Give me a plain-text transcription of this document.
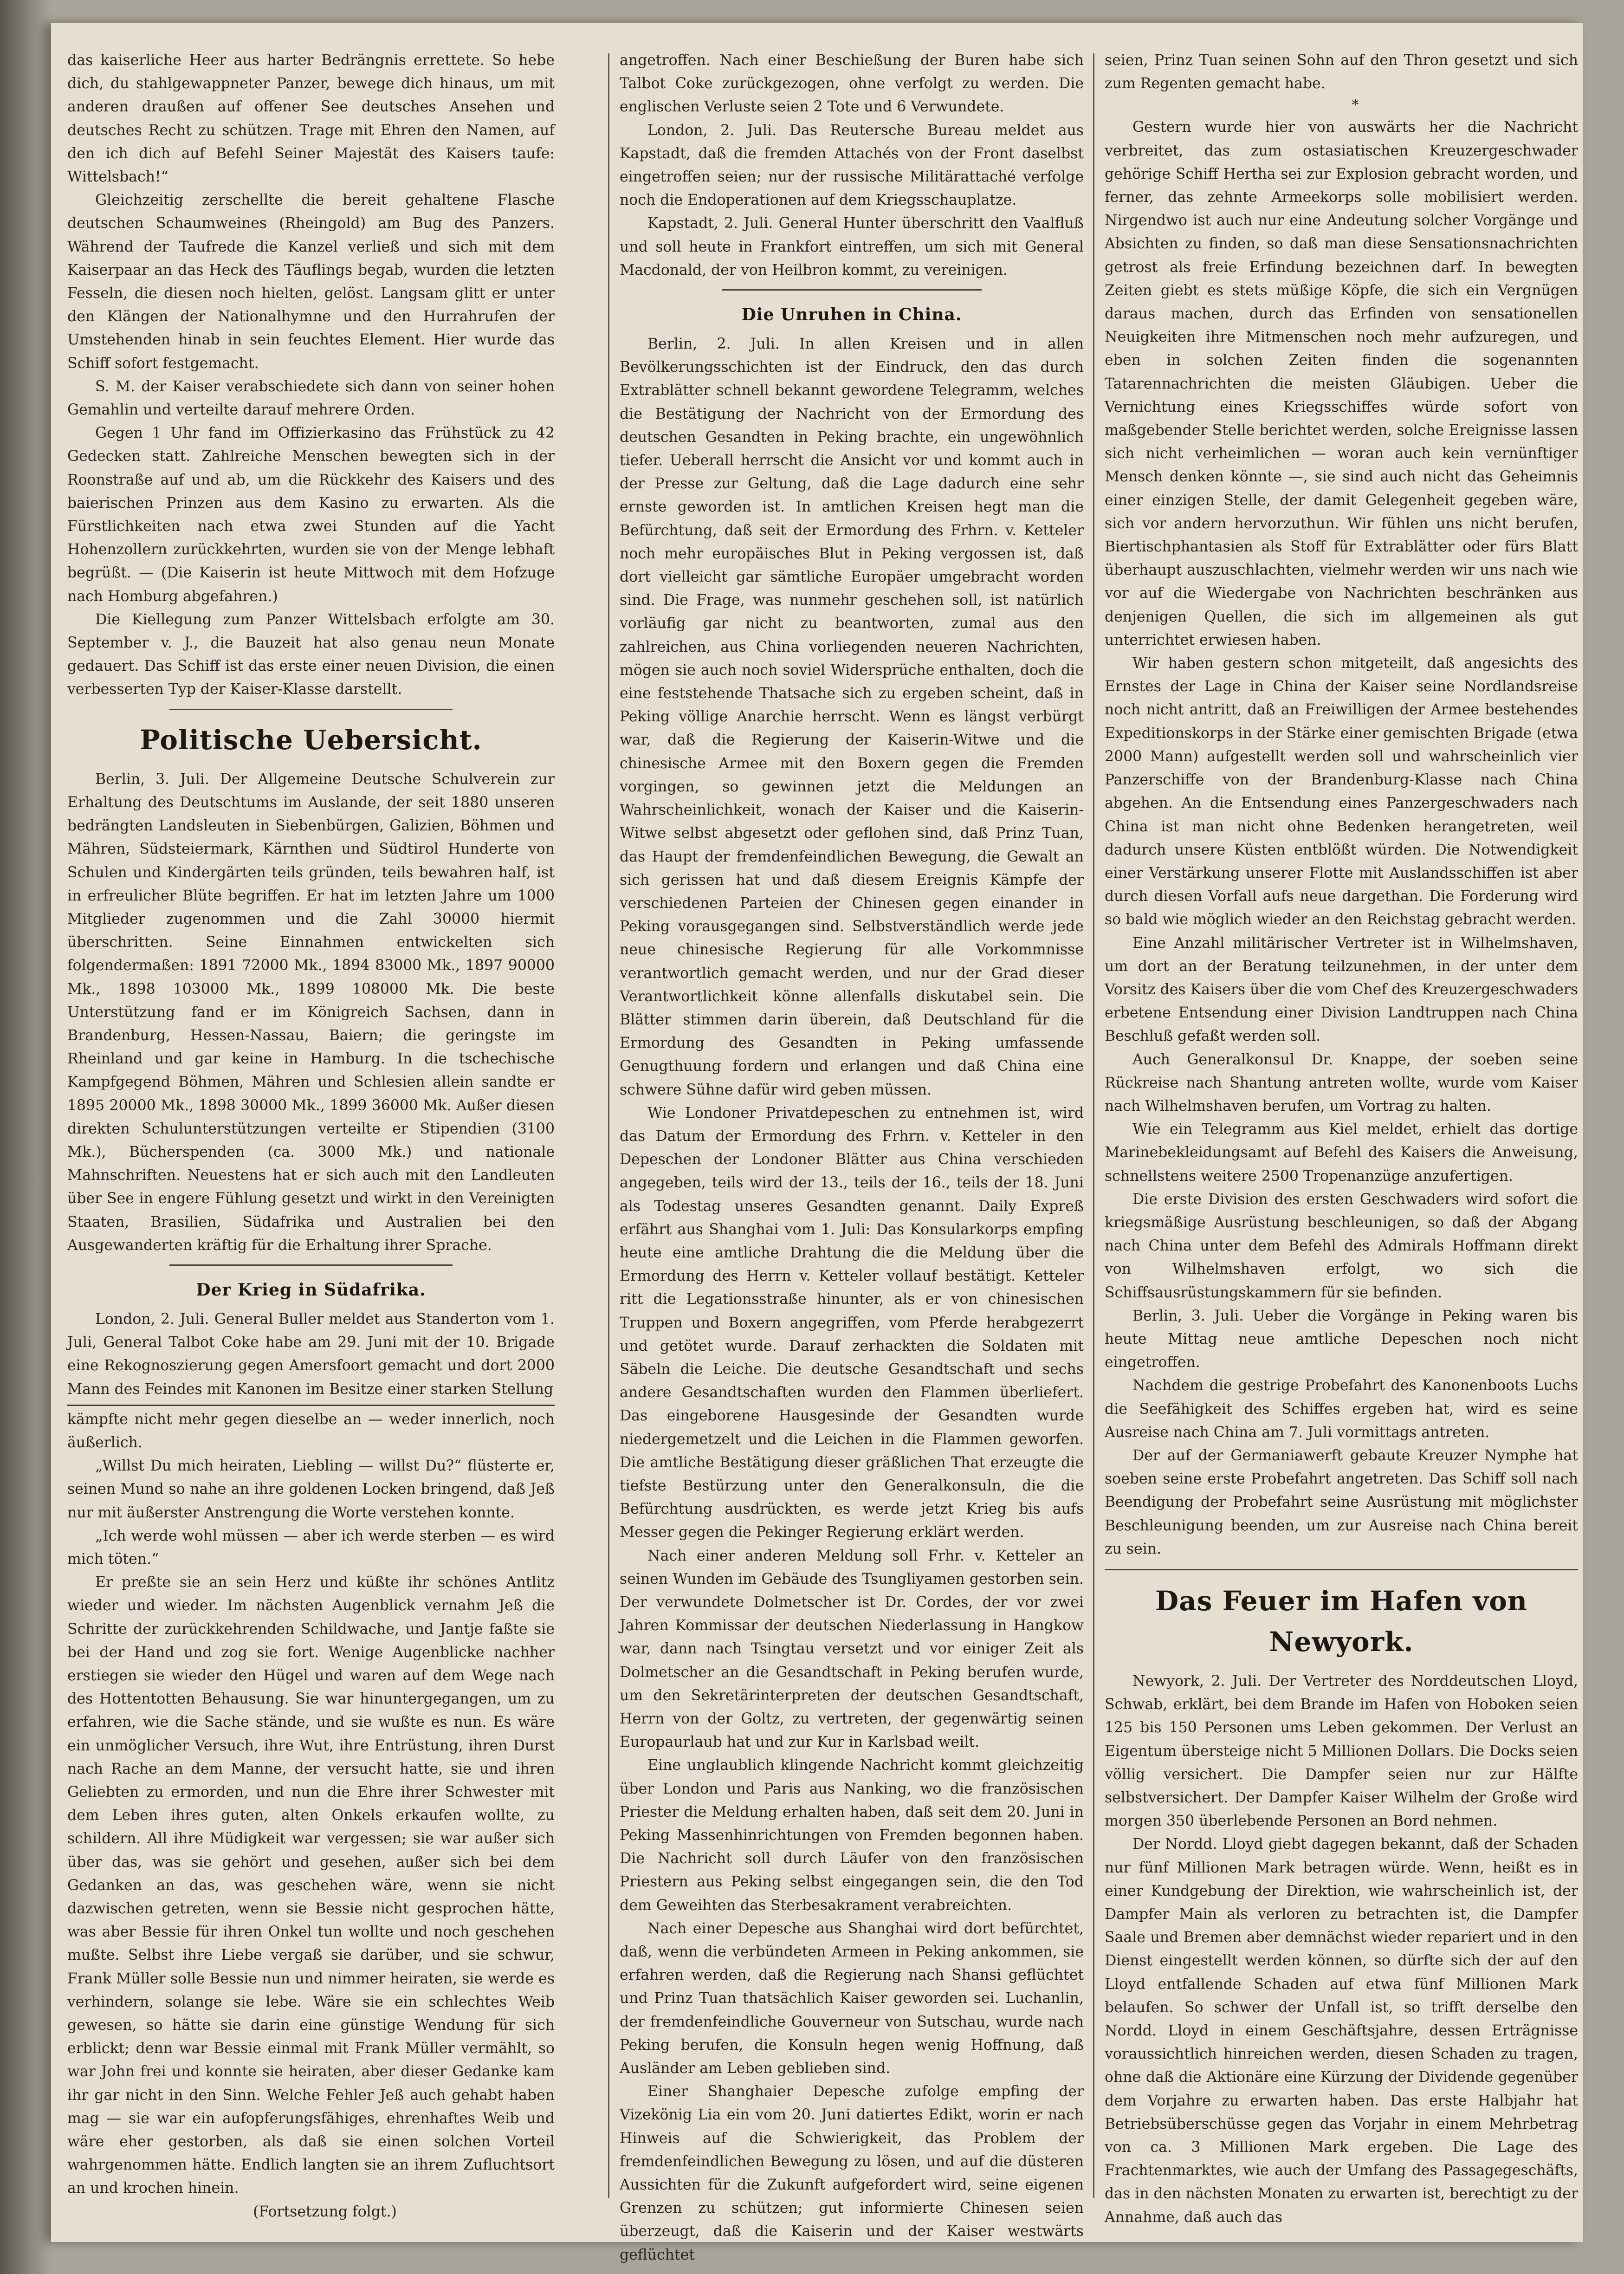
das kaiserliche Heer aus harter Bedrängnis errettete. So hebe dich, du stahlgewappneter Panzer, bewege dich hinaus, um mit anderen draußen auf offener See deutsches Ansehen und deutsches Recht zu schützen. Trage mit Ehren den Namen, auf den ich dich auf Befehl Seiner Majestät des Kaisers taufe: Wittelsbach!“

Gleichzeitig zerschellte die bereit gehaltene Flasche deutschen Schaumweines (Rheingold) am Bug des Panzers. Während der Taufrede die Kanzel verließ und sich mit dem Kaiserpaar an das Heck des Täuflings begab, wurden die letzten Fesseln, die diesen noch hielten, gelöst. Langsam glitt er unter den Klängen der Nationalhymne und den Hurrahrufen der Umstehenden hinab in sein feuchtes Element. Hier wurde das Schiff sofort festgemacht.

S. M. der Kaiser verabschiedete sich dann von seiner hohen Gemahlin und verteilte darauf mehrere Orden.

Gegen 1 Uhr fand im Offizierkasino das Frühstück zu 42 Gedecken statt. Zahlreiche Menschen bewegten sich in der Roonstraße auf und ab, um die Rückkehr des Kaisers und des baierischen Prinzen aus dem Kasino zu erwarten. Als die Fürstlichkeiten nach etwa zwei Stunden auf die Yacht Hohenzollern zurückkehrten, wurden sie von der Menge lebhaft begrüßt. — (Die Kaiserin ist heute Mittwoch mit dem Hofzuge nach Homburg abgefahren.)

Die Kiellegung zum Panzer Wittelsbach erfolgte am 30. September v. J., die Bauzeit hat also genau neun Monate gedauert. Das Schiff ist das erste einer neuen Division, die einen verbesserten Typ der Kaiser-Klasse darstellt.

Politische Uebersicht.

Berlin, 3. Juli. Der Allgemeine Deutsche Schulverein zur Erhaltung des Deutschtums im Auslande, der seit 1880 unseren bedrängten Landsleuten in Siebenbürgen, Galizien, Böhmen und Mähren, Südsteiermark, Kärnthen und Südtirol Hunderte von Schulen und Kindergärten teils gründen, teils bewahren half, ist in erfreulicher Blüte begriffen. Er hat im letzten Jahre um 1000 Mitglieder zugenommen und die Zahl 30000 hiermit überschritten. Seine Einnahmen entwickelten sich folgendermaßen: 1891 72000 Mk., 1894 83000 Mk., 1897 90000 Mk., 1898 103000 Mk., 1899 108000 Mk. Die beste Unterstützung fand er im Königreich Sachsen, dann in Brandenburg, Hessen-Nassau, Baiern; die geringste im Rheinland und gar keine in Hamburg. In die tschechische Kampfgegend Böhmen, Mähren und Schlesien allein sandte er 1895 20000 Mk., 1898 30000 Mk., 1899 36000 Mk. Außer diesen direkten Schulunterstützungen verteilte er Stipendien (3100 Mk.), Bücherspenden (ca. 3000 Mk.) und nationale Mahnschriften. Neuestens hat er sich auch mit den Landleuten über See in engere Fühlung gesetzt und wirkt in den Vereinigten Staaten, Brasilien, Südafrika und Australien bei den Ausgewanderten kräftig für die Erhaltung ihrer Sprache.

Der Krieg in Südafrika.

London, 2. Juli. General Buller meldet aus Standerton vom 1. Juli, General Talbot Coke habe am 29. Juni mit der 10. Brigade eine Rekognoszierung gegen Amersfoort gemacht und dort 2000 Mann des Feindes mit Kanonen im Besitze einer starken Stellung

kämpfte nicht mehr gegen dieselbe an — weder innerlich, noch äußerlich.

„Willst Du mich heiraten, Liebling — willst Du?“ flüsterte er, seinen Mund so nahe an ihre goldenen Locken bringend, daß Jeß nur mit äußerster Anstrengung die Worte verstehen konnte.

„Ich werde wohl müssen — aber ich werde sterben — es wird mich töten.“

Er preßte sie an sein Herz und küßte ihr schönes Antlitz wieder und wieder. Im nächsten Augenblick vernahm Jeß die Schritte der zurückkehrenden Schildwache, und Jantje faßte sie bei der Hand und zog sie fort. Wenige Augenblicke nachher erstiegen sie wieder den Hügel und waren auf dem Wege nach des Hottentotten Behausung. Sie war hinuntergegangen, um zu erfahren, wie die Sache stände, und sie wußte es nun. Es wäre ein unmöglicher Versuch, ihre Wut, ihre Entrüstung, ihren Durst nach Rache an dem Manne, der versucht hatte, sie und ihren Geliebten zu ermorden, und nun die Ehre ihrer Schwester mit dem Leben ihres guten, alten Onkels erkaufen wollte, zu schildern. All ihre Müdigkeit war vergessen; sie war außer sich über das, was sie gehört und gesehen, außer sich bei dem Gedanken an das, was geschehen wäre, wenn sie nicht dazwischen getreten, wenn sie Bessie nicht gesprochen hätte, was aber Bessie für ihren Onkel tun wollte und noch geschehen mußte. Selbst ihre Liebe vergaß sie darüber, und sie schwur, Frank Müller solle Bessie nun und nimmer heiraten, sie werde es verhindern, solange sie lebe. Wäre sie ein schlechtes Weib gewesen, so hätte sie darin eine günstige Wendung für sich erblickt; denn war Bessie einmal mit Frank Müller vermählt, so war John frei und konnte sie heiraten, aber dieser Gedanke kam ihr gar nicht in den Sinn. Welche Fehler Jeß auch gehabt haben mag — sie war ein aufopferungsfähiges, ehrenhaftes Weib und wäre eher gestorben, als daß sie einen solchen Vorteil wahrgenommen hätte. Endlich langten sie an ihrem Zufluchtsort an und krochen hinein.

(Fortsetzung folgt.)

angetroffen. Nach einer Beschießung der Buren habe sich Talbot Coke zurückgezogen, ohne verfolgt zu werden. Die englischen Verluste seien 2 Tote und 6 Verwundete.

London, 2. Juli. Das Reutersche Bureau meldet aus Kapstadt, daß die fremden Attachés von der Front daselbst eingetroffen seien; nur der russische Militärattaché verfolge noch die Endoperationen auf dem Kriegsschauplatze.

Kapstadt, 2. Juli. General Hunter überschritt den Vaalfluß und soll heute in Frankfort eintreffen, um sich mit General Macdonald, der von Heilbron kommt, zu vereinigen.

Die Unruhen in China.

Berlin, 2. Juli. In allen Kreisen und in allen Bevölkerungsschichten ist der Eindruck, den das durch Extrablätter schnell bekannt gewordene Telegramm, welches die Bestätigung der Nachricht von der Ermordung des deutschen Gesandten in Peking brachte, ein ungewöhnlich tiefer. Ueberall herrscht die Ansicht vor und kommt auch in der Presse zur Geltung, daß die Lage dadurch eine sehr ernste geworden ist. In amtlichen Kreisen hegt man die Befürchtung, daß seit der Ermordung des Frhrn. v. Ketteler noch mehr europäisches Blut in Peking vergossen ist, daß dort vielleicht gar sämtliche Europäer umgebracht worden sind. Die Frage, was nunmehr geschehen soll, ist natürlich vorläufig gar nicht zu beantworten, zumal aus den zahlreichen, aus China vorliegenden neueren Nachrichten, mögen sie auch noch soviel Widersprüche enthalten, doch die eine feststehende Thatsache sich zu ergeben scheint, daß in Peking völlige Anarchie herrscht. Wenn es längst verbürgt war, daß die Regierung der Kaiserin-Witwe und die chinesische Armee mit den Boxern gegen die Fremden vorgingen, so gewinnen jetzt die Meldungen an Wahrscheinlichkeit, wonach der Kaiser und die Kaiserin-Witwe selbst abgesetzt oder geflohen sind, daß Prinz Tuan, das Haupt der fremdenfeindlichen Bewegung, die Gewalt an sich gerissen hat und daß diesem Ereignis Kämpfe der verschiedenen Parteien der Chinesen gegen einander in Peking vorausgegangen sind. Selbstverständlich werde jede neue chinesische Regierung für alle Vorkommnisse verantwortlich gemacht werden, und nur der Grad dieser Verantwortlichkeit könne allenfalls diskutabel sein. Die Blätter stimmen darin überein, daß Deutschland für die Ermordung des Gesandten in Peking umfassende Genugthuung fordern und erlangen und daß China eine schwere Sühne dafür wird geben müssen.

Wie Londoner Privatdepeschen zu entnehmen ist, wird das Datum der Ermordung des Frhrn. v. Ketteler in den Depeschen der Londoner Blätter aus China verschieden angegeben, teils wird der 13., teils der 16., teils der 18. Juni als Todestag unseres Gesandten genannt. Daily Expreß erfährt aus Shanghai vom 1. Juli: Das Konsularkorps empfing heute eine amtliche Drahtung die die Meldung über die Ermordung des Herrn v. Ketteler vollauf bestätigt. Ketteler ritt die Legationsstraße hinunter, als er von chinesischen Truppen und Boxern angegriffen, vom Pferde herabgezerrt und getötet wurde. Darauf zerhackten die Soldaten mit Säbeln die Leiche. Die deutsche Gesandtschaft und sechs andere Gesandtschaften wurden den Flammen überliefert. Das eingeborene Hausgesinde der Gesandten wurde niedergemetzelt und die Leichen in die Flammen geworfen. Die amtliche Bestätigung dieser gräßlichen That erzeugte die tiefste Bestürzung unter den Generalkonsuln, die die Befürchtung ausdrückten, es werde jetzt Krieg bis aufs Messer gegen die Pekinger Regierung erklärt werden.

Nach einer anderen Meldung soll Frhr. v. Ketteler an seinen Wunden im Gebäude des Tsungliyamen gestorben sein. Der verwundete Dolmetscher ist Dr. Cordes, der vor zwei Jahren Kommissar der deutschen Niederlassung in Hangkow war, dann nach Tsingtau versetzt und vor einiger Zeit als Dolmetscher an die Gesandtschaft in Peking berufen wurde, um den Sekretärinterpreten der deutschen Gesandtschaft, Herrn von der Goltz, zu vertreten, der gegenwärtig seinen Europaurlaub hat und zur Kur in Karlsbad weilt.

Eine unglaublich klingende Nachricht kommt gleichzeitig über London und Paris aus Nanking, wo die französischen Priester die Meldung erhalten haben, daß seit dem 20. Juni in Peking Massenhinrichtungen von Fremden begonnen haben. Die Nachricht soll durch Läufer von den französischen Priestern aus Peking selbst eingegangen sein, die den Tod dem Geweihten das Sterbesakrament verabreichten.

Nach einer Depesche aus Shanghai wird dort befürchtet, daß, wenn die verbündeten Armeen in Peking ankommen, sie erfahren werden, daß die Regierung nach Shansi geflüchtet und Prinz Tuan thatsächlich Kaiser geworden sei. Luchanlin, der fremdenfeindliche Gouverneur von Sutschau, wurde nach Peking berufen, die Konsuln hegen wenig Hoffnung, daß Ausländer am Leben geblieben sind.

Einer Shanghaier Depesche zufolge empfing der Vizekönig Lia ein vom 20. Juni datiertes Edikt, worin er nach Hinweis auf die Schwierigkeit, das Problem der fremdenfeindlichen Bewegung zu lösen, und auf die düsteren Aussichten für die Zukunft aufgefordert wird, seine eigenen Grenzen zu schützen; gut informierte Chinesen seien überzeugt, daß die Kaiserin und der Kaiser westwärts geflüchtet

seien, Prinz Tuan seinen Sohn auf den Thron gesetzt und sich zum Regenten gemacht habe.

*

Gestern wurde hier von auswärts her die Nachricht verbreitet, das zum ostasiatischen Kreuzergeschwader gehörige Schiff Hertha sei zur Explosion gebracht worden, und ferner, das zehnte Armeekorps solle mobilisiert werden. Nirgendwo ist auch nur eine Andeutung solcher Vorgänge und Absichten zu finden, so daß man diese Sensationsnachrichten getrost als freie Erfindung bezeichnen darf. In bewegten Zeiten giebt es stets müßige Köpfe, die sich ein Vergnügen daraus machen, durch das Erfinden von sensationellen Neuigkeiten ihre Mitmenschen noch mehr aufzuregen, und eben in solchen Zeiten finden die sogenannten Tatarennachrichten die meisten Gläubigen. Ueber die Vernichtung eines Kriegsschiffes würde sofort von maßgebender Stelle berichtet werden, solche Ereignisse lassen sich nicht verheimlichen — woran auch kein vernünftiger Mensch denken könnte —, sie sind auch nicht das Geheimnis einer einzigen Stelle, der damit Gelegenheit gegeben wäre, sich vor andern hervorzuthun. Wir fühlen uns nicht berufen, Biertischphantasien als Stoff für Extrablätter oder fürs Blatt überhaupt auszuschlachten, vielmehr werden wir uns nach wie vor auf die Wiedergabe von Nachrichten beschränken aus denjenigen Quellen, die sich im allgemeinen als gut unterrichtet erwiesen haben.

Wir haben gestern schon mitgeteilt, daß angesichts des Ernstes der Lage in China der Kaiser seine Nordlandsreise noch nicht antritt, daß an Freiwilligen der Armee bestehendes Expeditionskorps in der Stärke einer gemischten Brigade (etwa 2000 Mann) aufgestellt werden soll und wahrscheinlich vier Panzerschiffe von der Brandenburg-Klasse nach China abgehen. An die Entsendung eines Panzergeschwaders nach China ist man nicht ohne Bedenken herangetreten, weil dadurch unsere Küsten entblößt würden. Die Notwendigkeit einer Verstärkung unserer Flotte mit Auslandsschiffen ist aber durch diesen Vorfall aufs neue dargethan. Die Forderung wird so bald wie möglich wieder an den Reichstag gebracht werden.

Eine Anzahl militärischer Vertreter ist in Wilhelmshaven, um dort an der Beratung teilzunehmen, in der unter dem Vorsitz des Kaisers über die vom Chef des Kreuzergeschwaders erbetene Entsendung einer Division Landtruppen nach China Beschluß gefaßt werden soll.

Auch Generalkonsul Dr. Knappe, der soeben seine Rückreise nach Shantung antreten wollte, wurde vom Kaiser nach Wilhelmshaven berufen, um Vortrag zu halten.

Wie ein Telegramm aus Kiel meldet, erhielt das dortige Marinebekleidungsamt auf Befehl des Kaisers die Anweisung, schnellstens weitere 2500 Tropenanzüge anzufertigen.

Die erste Division des ersten Geschwaders wird sofort die kriegsmäßige Ausrüstung beschleunigen, so daß der Abgang nach China unter dem Befehl des Admirals Hoffmann direkt von Wilhelmshaven erfolgt, wo sich die Schiffsausrüstungskammern für sie befinden.

Berlin, 3. Juli. Ueber die Vorgänge in Peking waren bis heute Mittag neue amtliche Depeschen noch nicht eingetroffen.

Nachdem die gestrige Probefahrt des Kanonenboots Luchs die Seefähigkeit des Schiffes ergeben hat, wird es seine Ausreise nach China am 7. Juli vormittags antreten.

Der auf der Germaniawerft gebaute Kreuzer Nymphe hat soeben seine erste Probefahrt angetreten. Das Schiff soll nach Beendigung der Probefahrt seine Ausrüstung mit möglichster Beschleunigung beenden, um zur Ausreise nach China bereit zu sein.

Das Feuer im Hafen von Newyork.

Newyork, 2. Juli. Der Vertreter des Norddeutschen Lloyd, Schwab, erklärt, bei dem Brande im Hafen von Hoboken seien 125 bis 150 Personen ums Leben gekommen. Der Verlust an Eigentum übersteige nicht 5 Millionen Dollars. Die Docks seien völlig versichert. Die Dampfer seien nur zur Hälfte selbstversichert. Der Dampfer Kaiser Wilhelm der Große wird morgen 350 überlebende Personen an Bord nehmen.

Der Nordd. Lloyd giebt dagegen bekannt, daß der Schaden nur fünf Millionen Mark betragen würde. Wenn, heißt es in einer Kundgebung der Direktion, wie wahrscheinlich ist, der Dampfer Main als verloren zu betrachten ist, die Dampfer Saale und Bremen aber demnächst wieder repariert und in den Dienst eingestellt werden können, so dürfte sich der auf den Lloyd entfallende Schaden auf etwa fünf Millionen Mark belaufen. So schwer der Unfall ist, so trifft derselbe den Nordd. Lloyd in einem Geschäftsjahre, dessen Erträgnisse voraussichtlich hinreichen werden, diesen Schaden zu tragen, ohne daß die Aktionäre eine Kürzung der Dividende gegenüber dem Vorjahre zu erwarten haben. Das erste Halbjahr hat Betriebsüberschüsse gegen das Vorjahr in einem Mehrbetrag von ca. 3 Millionen Mark ergeben. Die Lage des Frachtenmarktes, wie auch der Umfang des Passagegeschäfts, das in den nächsten Monaten zu erwarten ist, berechtigt zu der Annahme, daß auch das
